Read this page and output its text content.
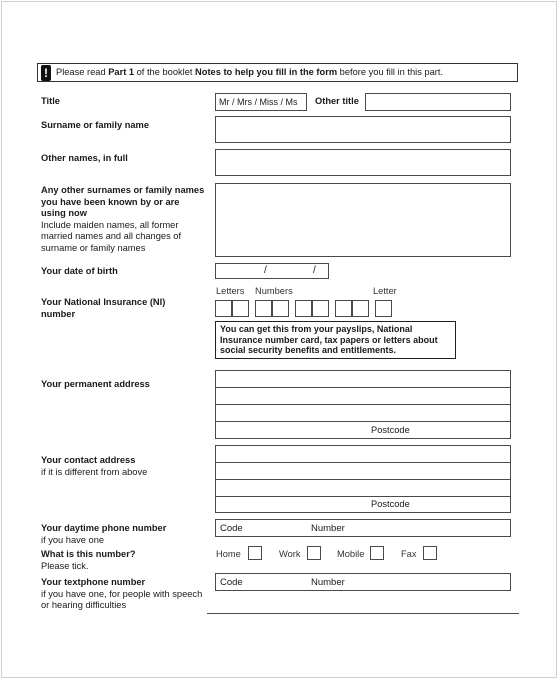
! Please read Part 1 of the booklet Notes to help you fill in the form before you fill in this part.
Title	Mr / Mrs / Miss / Ms Other title
Surname or family name
Other names, in full
Any other surnames or family names you have been known by or are using now
Include maiden names, all former married names and all changes of surname or family names
Your date of birth	/	/
Your National Insurance (NI) number
Letters Numbers	Letter
You can get this from your payslips, National Insurance number card, tax papers or letters about social security benefits and entitlements.
Your permanent address
Postcode
Your contact address
if it is different from above
Postcode
Your daytime phone number
if you have one
Code	Number
What is this number?
Please tick.
Home	Work	Mobile	Fax
Your textphone number
if you have one, for people with speech or hearing difficulties
Code	Number
